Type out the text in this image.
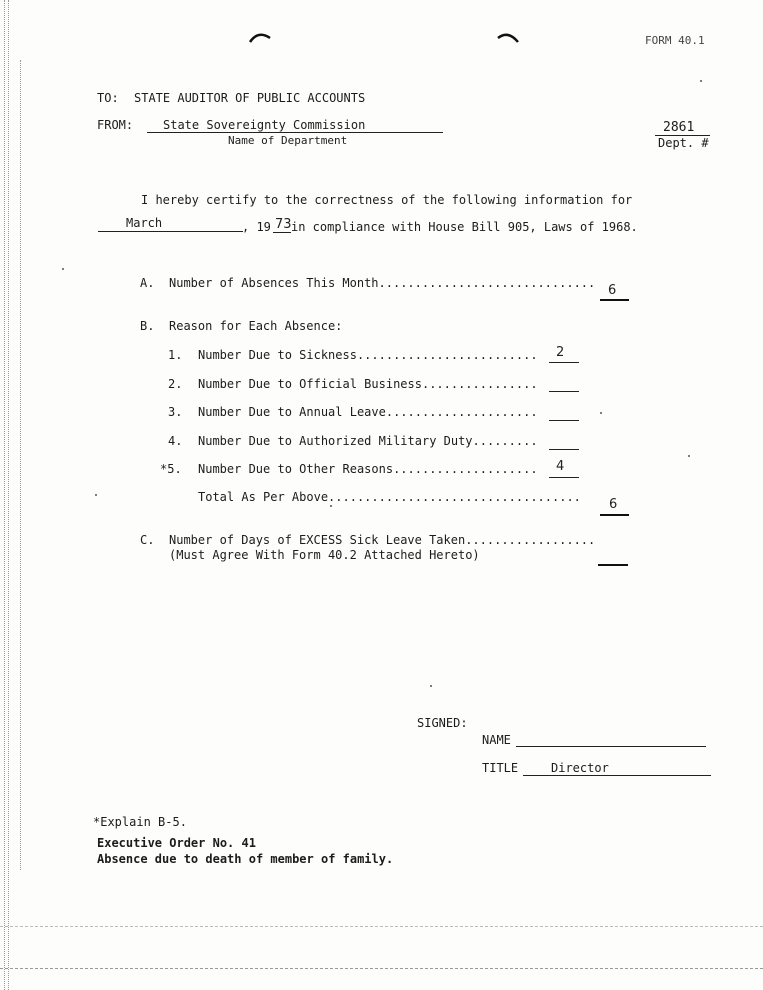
FORM 40.1
TO: STATE AUDITOR OF PUBLIC ACCOUNTS
FROM: State Sovereignty Commission
Name of Department
2861
Dept. #
I hereby certify to the correctness of the following information for
March	, 19 73 in compliance with House Bill 905, Laws of 1968.
A. Number of Absences This Month.............................. 6
B. Reason for Each Absence:
1. Number Due to Sickness......................... 2
2. Number Due to Official Business................
3. Number Due to Annual Leave.....................
4. Number Due to Authorized Military Duty.........
*5. Number Due to Other Reasons.................... 4
Total As Per Above................................... 6
C. Number of Days of EXCESS Sick Leave Taken..................
(Must Agree With Form 40.2 Attached Hereto)
SIGNED:
NAME
TITLE	Director
*Explain B-5.
Executive Order No. 41
Absence due to death of member of family.
